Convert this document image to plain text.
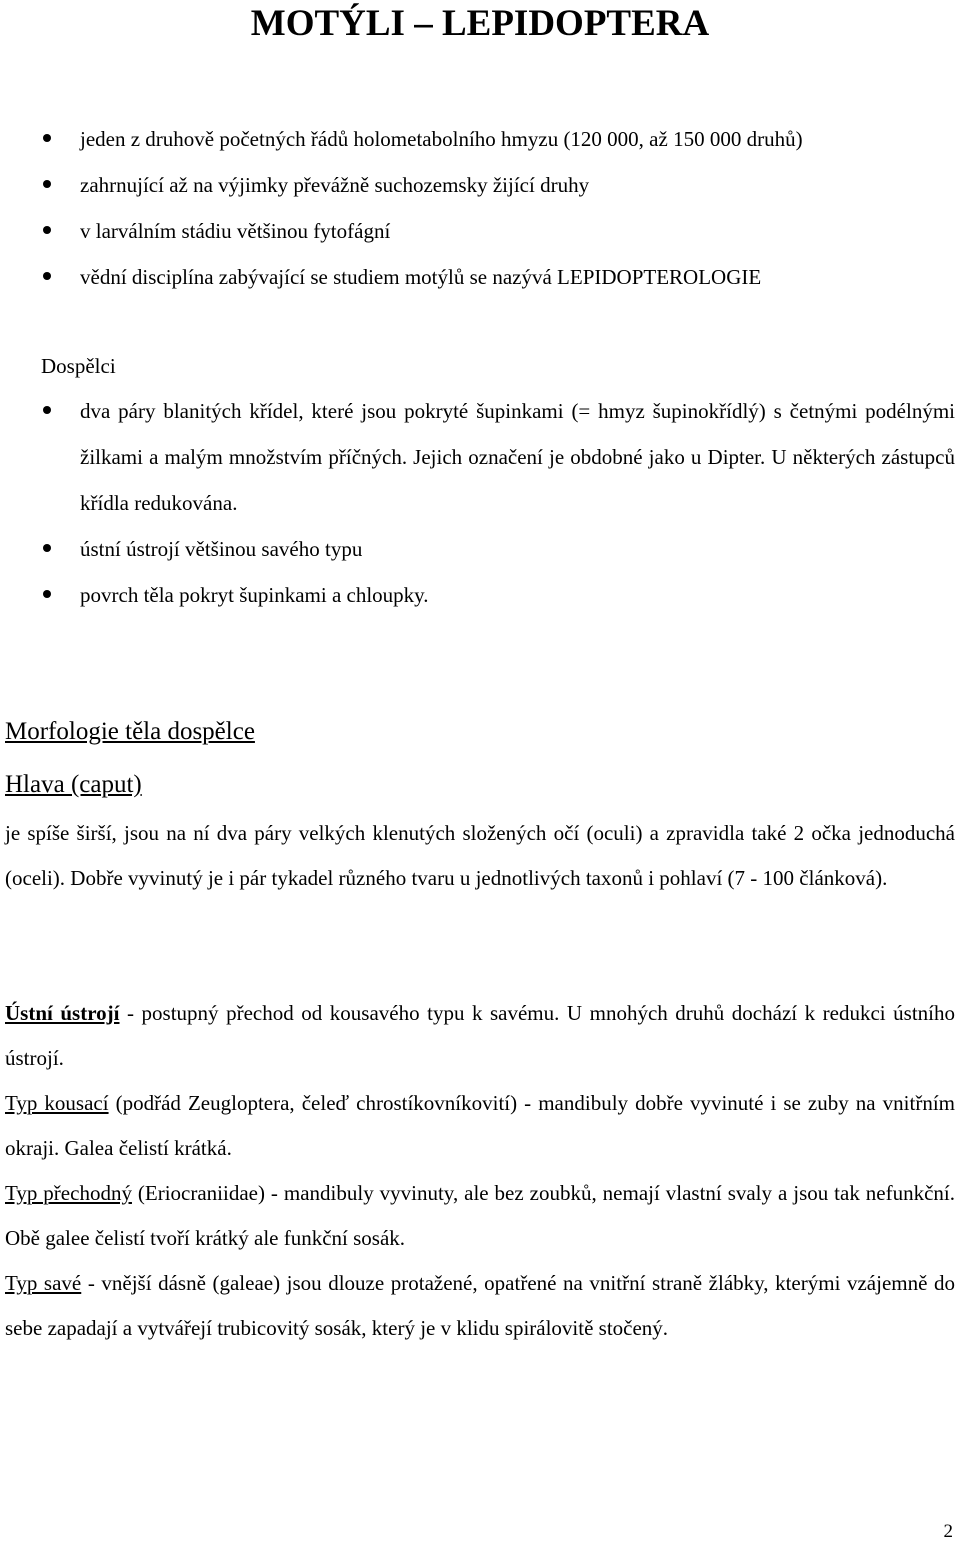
MOTÝLI – LEPIDOPTERA
jeden z druhově početných řádů holometabolního hmyzu (120 000, až 150 000 druhů)
zahrnující až na výjimky převážně suchozemsky žijící druhy
v larválním stádiu většinou fytofágní
vědní disciplína zabývající se studiem motýlů se nazývá LEPIDOPTEROLOGIE
Dospělci
dva páry blanitých křídel, které jsou pokryté šupinkami (= hmyz šupinokřídlý) s četnými podélnými žilkami a malým množstvím příčných. Jejich označení je obdobné jako u Dipter. U některých zástupců křídla redukována.
ústní ústrojí většinou savého typu
povrch těla pokryt šupinkami a chloupky.
Morfologie těla dospělce
Hlava (caput)

je spíše širší, jsou na ní dva páry velkých klenutých složených očí (oculi) a zpravidla také 2 očka jednoduchá (oceli). Dobře vyvinutý je i pár tykadel různého tvaru u jednotlivých taxonů i pohlaví (7 - 100 článková).

Ústní ústrojí - postupný přechod od kousavého typu k savému. U mnohých druhů dochází k redukci ústního ústrojí.

Typ kousací (podřád Zeugloptera, čeleď chrostíkovníkovití) - mandibuly dobře vyvinuté i se zuby na vnitřním okraji. Galea čelistí krátká.

Typ přechodný (Eriocraniidae) - mandibuly vyvinuty, ale bez zoubků, nemají vlastní svaly a jsou tak nefunkční. Obě galee čelistí tvoří krátký ale funkční sosák.

Typ savé - vnější dásně (galeae) jsou dlouze protažené, opatřené na vnitřní straně žlábky, kterými vzájemně do sebe zapadají a vytvářejí trubicovitý sosák, který je v klidu spirálovitě stočený.

2
